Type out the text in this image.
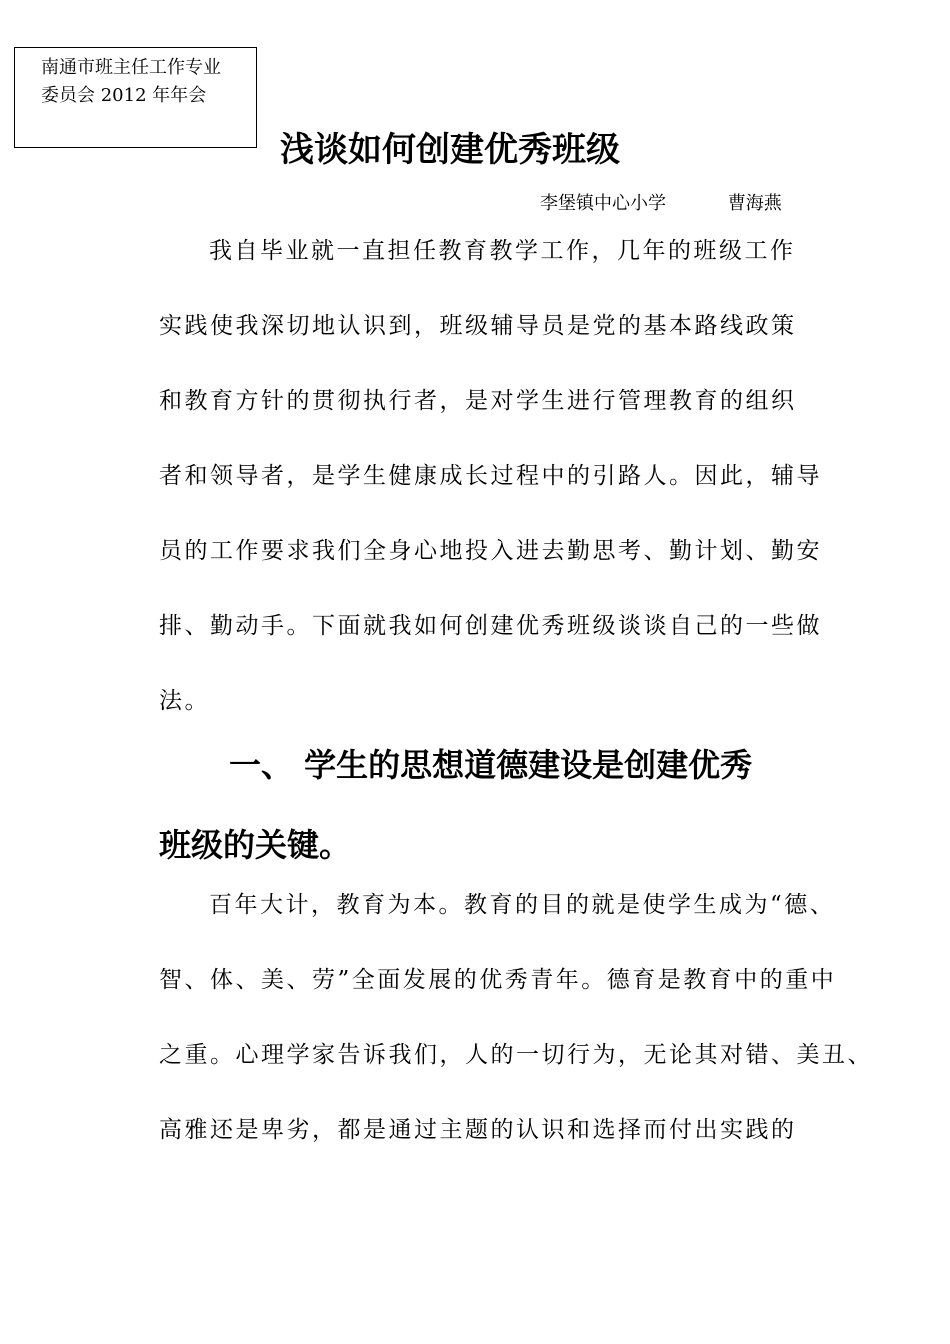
南通市班主任工作专业
委员会 2012 年年会
浅谈如何创建优秀班级
李堡镇中心小学	曹海燕
我自毕业就一直担任教育教学工作，几年的班级工作
实践使我深切地认识到，班级辅导员是党的基本路线政策
和教育方针的贯彻执行者，是对学生进行管理教育的组织
者和领导者，是学生健康成长过程中的引路人。因此，辅导
员的工作要求我们全身心地投入进去勤思考、勤计划、勤安
排、勤动手。下面就我如何创建优秀班级谈谈自己的一些做
法。
一、 学生的思想道德建设是创建优秀
班级的关键。
百年大计，教育为本。教育的目的就是使学生成为“德、
智、体、美、劳”全面发展的优秀青年。德育是教育中的重中
之重。心理学家告诉我们，人的一切行为，无论其对错、美丑、
高雅还是卑劣，都是通过主题的认识和选择而付出实践的
